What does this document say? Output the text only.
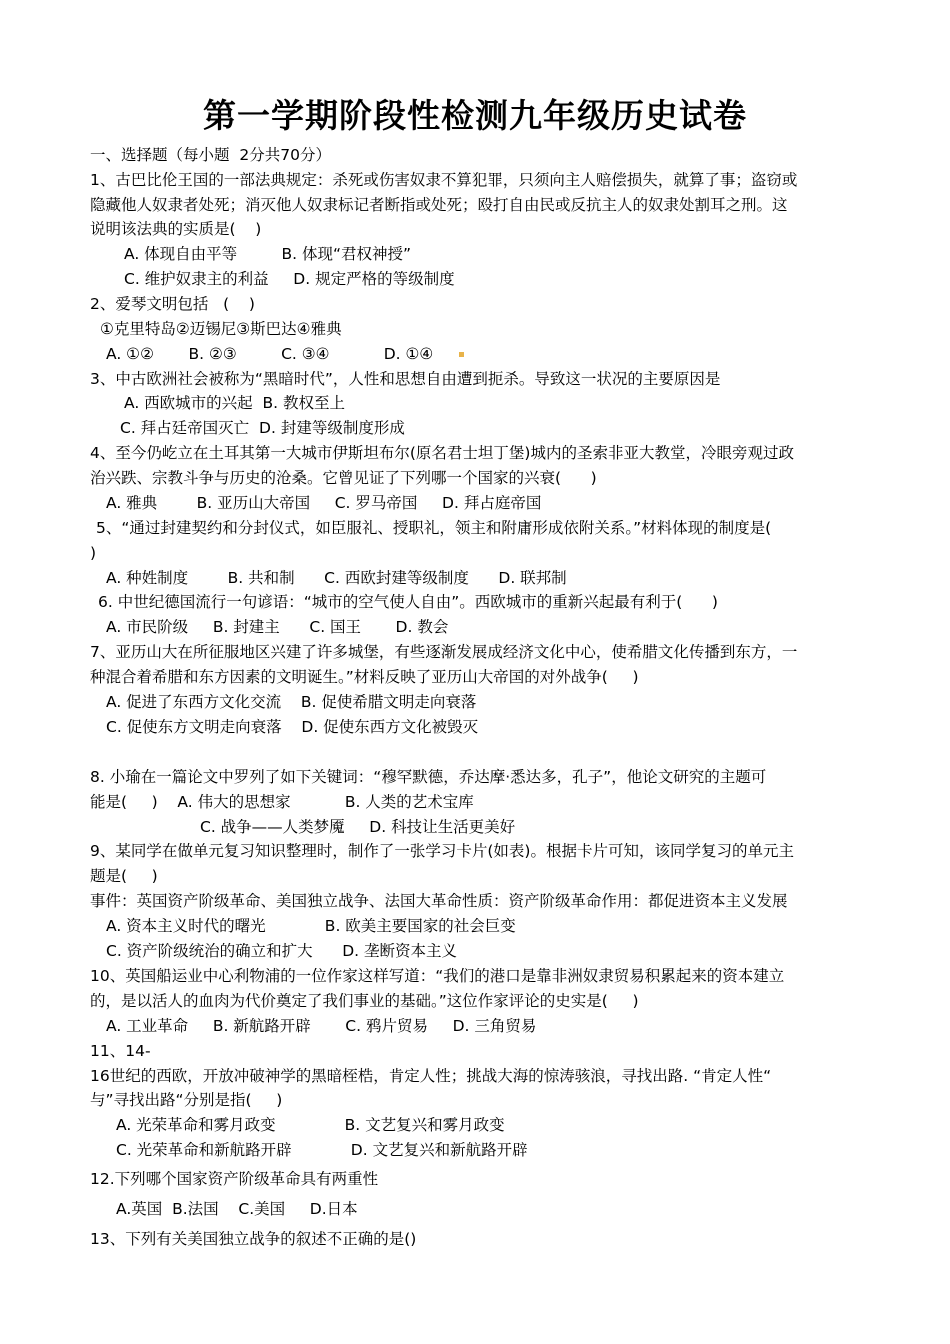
第一学期阶段性检测九年级历史试卷
一、选择题（每小题  2分共70分）
1、古巴比伦王国的一部法典规定：杀死或伤害奴隶不算犯罪，只须向主人赔偿损失，就算了事；盗窃或
隐藏他人奴隶者处死；消灭他人奴隶标记者断指或处死；殴打自由民或反抗主人的奴隶处割耳之刑。这
说明该法典的实质是(    )
A. 体现自由平等         B. 体现“君权神授”
C. 维护奴隶主的利益     D. 规定严格的等级制度
2、爱琴文明包括   (    )
①克里特岛②迈锡尼③斯巴达④雅典
A. ①②       B. ②③         C. ③④           D. ①④
3、中古欧洲社会被称为“黑暗时代”，人性和思想自由遭到扼杀。导致这一状况的主要原因是
A. 西欧城市的兴起  B. 教权至上
C. 拜占廷帝国灭亡  D. 封建等级制度形成
4、至今仍屹立在土耳其第一大城市伊斯坦布尔(原名君士坦丁堡)城内的圣索非亚大教堂，冷眼旁观过政
治兴跌、宗教斗争与历史的沧桑。它曾见证了下列哪一个国家的兴衰(      )
A. 雅典        B. 亚历山大帝国     C. 罗马帝国     D. 拜占庭帝国
5、“通过封建契约和分封仪式，如臣服礼、授职礼，领主和附庸形成依附关系。”材料体现的制度是(
)
A. 种姓制度        B. 共和制      C. 西欧封建等级制度      D. 联邦制
6. 中世纪德国流行一句谚语：“城市的空气使人自由”。西欧城市的重新兴起最有利于(      )
A. 市民阶级     B. 封建主      C. 国王       D. 教会
7、亚历山大在所征服地区兴建了许多城堡，有些逐渐发展成经济文化中心，使希腊文化传播到东方，一
种混合着希腊和东方因素的文明诞生。”材料反映了亚历山大帝国的对外战争(     )
A. 促进了东西方文化交流    B. 促使希腊文明走向衰落
C. 促使东方文明走向衰落    D. 促使东西方文化被毁灭
8. 小瑜在一篇论文中罗列了如下关键词：“穆罕默德，乔达摩·悉达多，孔子”，他论文研究的主题可
能是(     )    A. 伟大的思想家           B. 人类的艺术宝库
C. 战争——人类梦魇     D. 科技让生活更美好
9、某同学在做单元复习知识整理时，制作了一张学习卡片(如表)。根据卡片可知，该同学复习的单元主
题是(     )
事件：英国资产阶级革命、美国独立战争、法国大革命性质：资产阶级革命作用：都促进资本主义发展
A. 资本主义时代的曙光            B. 欧美主要国家的社会巨变
C. 资产阶级统治的确立和扩大      D. 垄断资本主义
10、英国船运业中心利物浦的一位作家这样写道：“我们的港口是靠非洲奴隶贸易积累起来的资本建立
的，是以活人的血肉为代价奠定了我们事业的基础。”这位作家评论的史实是(     )
A. 工业革命     B. 新航路开辟       C. 鸦片贸易     D. 三角贸易
11、14-
16世纪的西欧，开放冲破神学的黑暗桎梏，肯定人性；挑战大海的惊涛骇浪，寻找出路. “肯定人性“
与”寻找出路“分别是指(     )
A. 光荣革命和雾月政变              B. 文艺复兴和雾月政变
C. 光荣革命和新航路开辟            D. 文艺复兴和新航路开辟
12.下列哪个国家资产阶级革命具有两重性
A.英国  B.法国    C.美国     D.日本
13、下列有关美国独立战争的叙述不正确的是()
